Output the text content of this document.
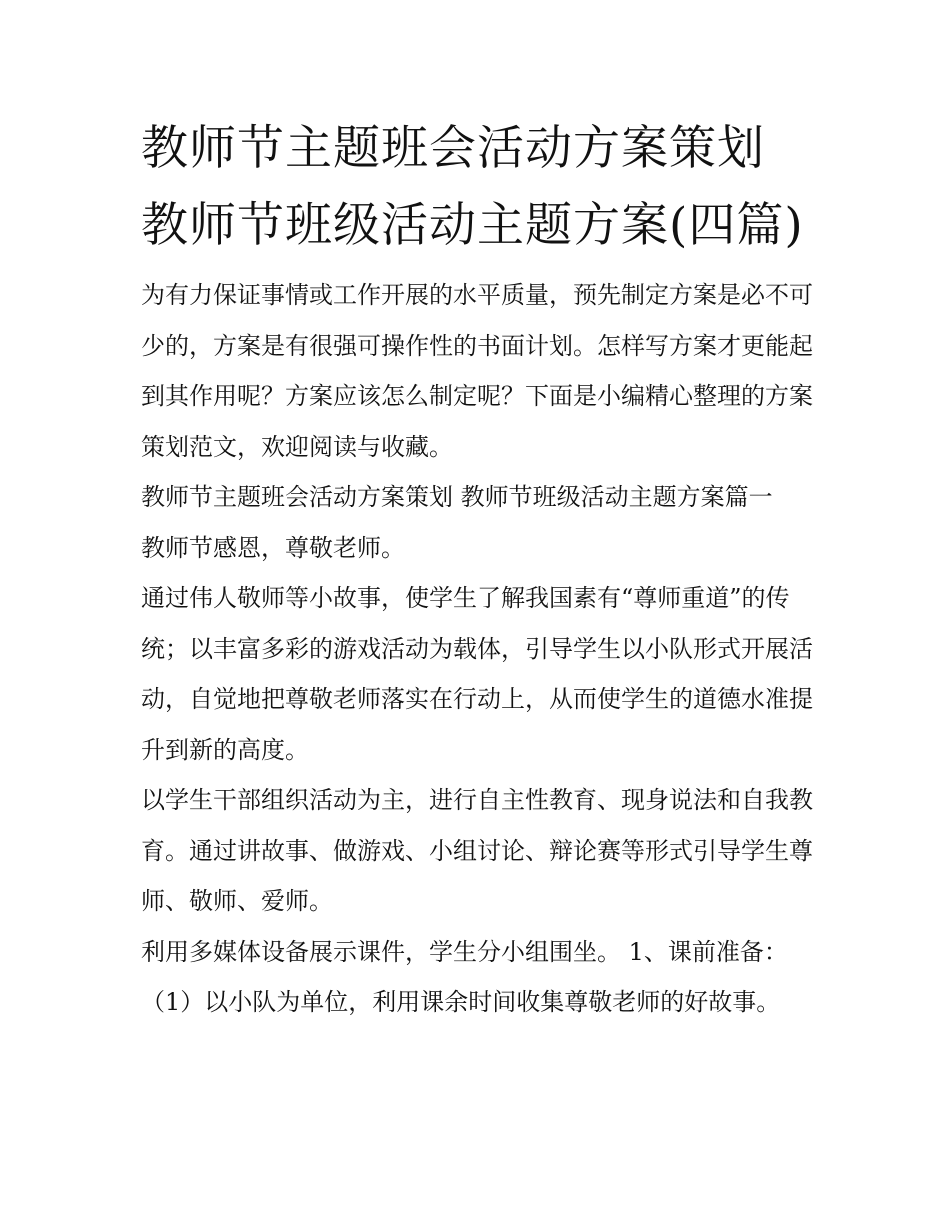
教师节主题班会活动方案策划 教师节班级活动主题方案(四篇)

为有力保证事情或工作开展的水平质量，预先制定方案是必不可少的，方案是有很强可操作性的书面计划。怎样写方案才更能起到其作用呢？方案应该怎么制定呢？下面是小编精心整理的方案策划范文，欢迎阅读与收藏。

教师节主题班会活动方案策划 教师节班级活动主题方案篇一

教师节感恩，尊敬老师。

通过伟人敬师等小故事，使学生了解我国素有“尊师重道”的传统；以丰富多彩的游戏活动为载体，引导学生以小队形式开展活动，自觉地把尊敬老师落实在行动上，从而使学生的道德水准提升到新的高度。

以学生干部组织活动为主，进行自主性教育、现身说法和自我教育。通过讲故事、做游戏、小组讨论、辩论赛等形式引导学生尊师、敬师、爱师。

利用多媒体设备展示课件，学生分小组围坐。 1、课前准备：

（1）以小队为单位，利用课余时间收集尊敬老师的好故事。
